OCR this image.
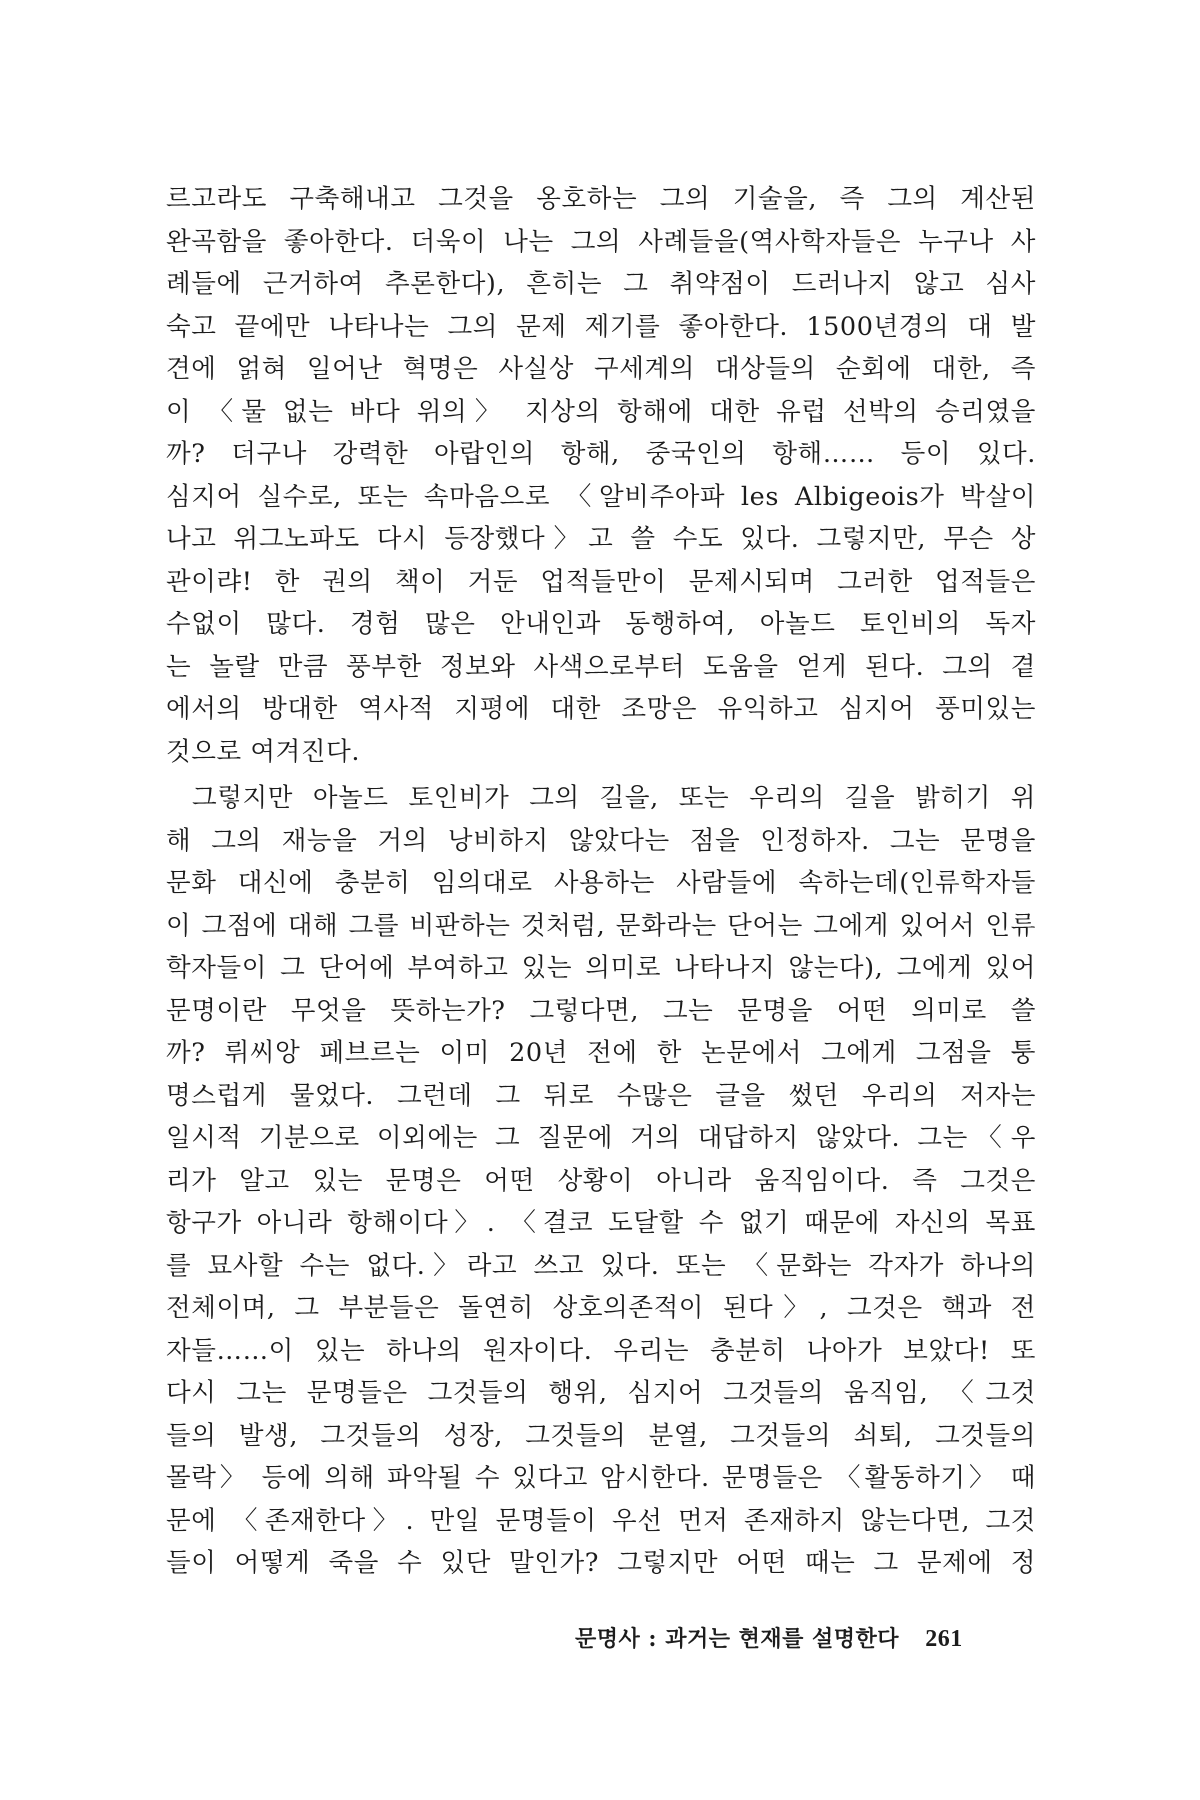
르고라도 구축해내고 그것을 옹호하는 그의 기술을, 즉 그의 계산된
완곡함을 좋아한다. 더욱이 나는 그의 사례들을(역사학자들은 누구나 사
례들에 근거하여 추론한다), 흔히는 그 취약점이 드러나지 않고 심사
숙고 끝에만 나타나는 그의 문제 제기를 좋아한다. 1500년경의 대 발
견에 얽혀 일어난 혁명은 사실상 구세계의 대상들의 순회에 대한, 즉
이 〈물 없는 바다 위의〉 지상의 항해에 대한 유럽 선박의 승리였을
까? 더구나 강력한 아랍인의 항해, 중국인의 항해…… 등이 있다.
심지어 실수로, 또는 속마음으로 〈알비주아파 les Albigeois가 박살이
나고 위그노파도 다시 등장했다〉고 쓸 수도 있다. 그렇지만, 무슨 상
관이랴! 한 권의 책이 거둔 업적들만이 문제시되며 그러한 업적들은
수없이 많다. 경험 많은 안내인과 동행하여, 아놀드 토인비의 독자
는 놀랄 만큼 풍부한 정보와 사색으로부터 도움을 얻게 된다. 그의 곁
에서의 방대한 역사적 지평에 대한 조망은 유익하고 심지어 풍미있는
것으로 여겨진다.
그렇지만 아놀드 토인비가 그의 길을, 또는 우리의 길을 밝히기 위
해 그의 재능을 거의 낭비하지 않았다는 점을 인정하자. 그는 문명을
문화 대신에 충분히 임의대로 사용하는 사람들에 속하는데(인류학자들
이 그점에 대해 그를 비판하는 것처럼, 문화라는 단어는 그에게 있어서 인류
학자들이 그 단어에 부여하고 있는 의미로 나타나지 않는다), 그에게 있어
문명이란 무엇을 뜻하는가? 그렇다면, 그는 문명을 어떤 의미로 쓸
까? 뤼씨앙 페브르는 이미 20년 전에 한 논문에서 그에게 그점을 퉁
명스럽게 물었다. 그런데 그 뒤로 수많은 글을 썼던 우리의 저자는
일시적 기분으로 이외에는 그 질문에 거의 대답하지 않았다. 그는〈우
리가 알고 있는 문명은 어떤 상황이 아니라 움직임이다. 즉 그것은
항구가 아니라 항해이다〉. 〈결코 도달할 수 없기 때문에 자신의 목표
를 묘사할 수는 없다.〉라고 쓰고 있다. 또는 〈문화는 각자가 하나의
전체이며, 그 부분들은 돌연히 상호의존적이 된다〉, 그것은 핵과 전
자들……이 있는 하나의 원자이다. 우리는 충분히 나아가 보았다! 또
다시 그는 문명들은 그것들의 행위, 심지어 그것들의 움직임, 〈그것
들의 발생, 그것들의 성장, 그것들의 분열, 그것들의 쇠퇴, 그것들의
몰락〉 등에 의해 파악될 수 있다고 암시한다. 문명들은 〈활동하기〉 때
문에 〈존재한다〉. 만일 문명들이 우선 먼저 존재하지 않는다면, 그것
들이 어떻게 죽을 수 있단 말인가? 그렇지만 어떤 때는 그 문제에 정
문명사 : 과거는 현재를 설명한다 261
